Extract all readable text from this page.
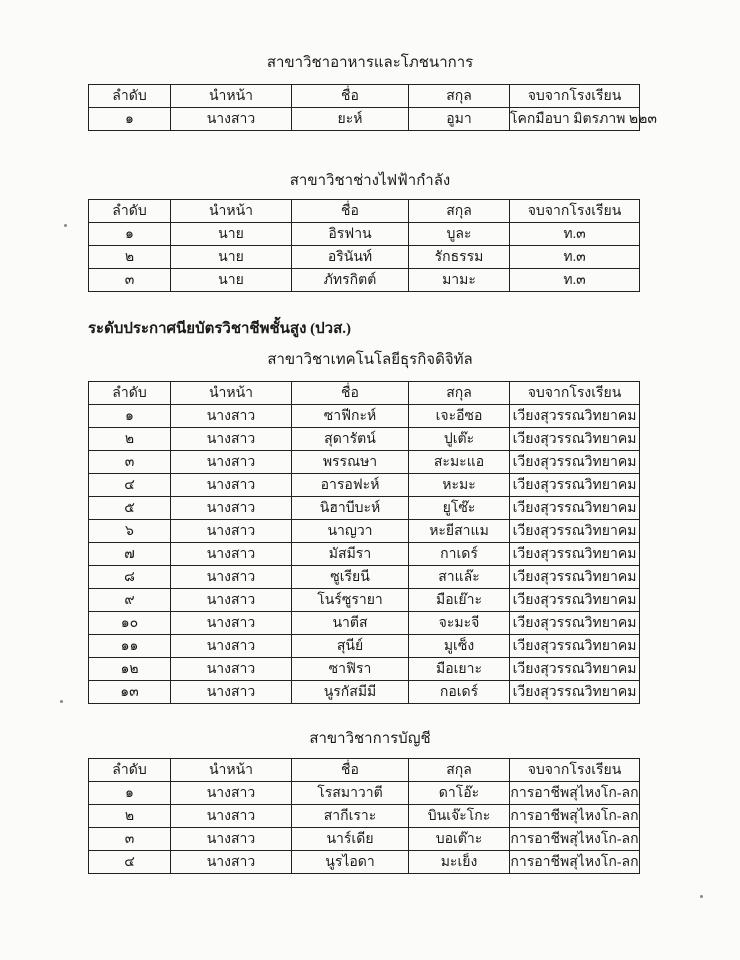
สาขาวิชาอาหารและโภชนาการ
ลำดับ	นำหน้า	ชื่อ	สกุล	จบจากโรงเรียน
๑	นางสาว	ยะห์	อูมา	โคกมือบา มิตรภาพ ๒๒๓
สาขาวิชาช่างไฟฟ้ากำลัง
ลำดับ	นำหน้า	ชื่อ	สกุล	จบจากโรงเรียน
๑	นาย	อิรฟาน	บูละ	ท.๓
๒	นาย	อรินันท์	รักธรรม	ท.๓
๓	นาย	ภัทรกิตต์	มามะ	ท.๓
ระดับประกาศนียบัตรวิชาชีพชั้นสูง (ปวส.)
สาขาวิชาเทคโนโลยีธุรกิจดิจิทัล
ลำดับ	นำหน้า	ชื่อ	สกุล	จบจากโรงเรียน
๑	นางสาว	ซาฟีกะห์	เจะอีซอ	เวียงสุวรรณวิทยาคม
๒	นางสาว	สุดารัตน์	ปูเต๊ะ	เวียงสุวรรณวิทยาคม
๓	นางสาว	พรรณษา	สะมะแอ	เวียงสุวรรณวิทยาคม
๔	นางสาว	อารอฟะห์	หะมะ	เวียงสุวรรณวิทยาคม
๕	นางสาว	นิฮาบีบะห์	ยูโซ๊ะ	เวียงสุวรรณวิทยาคม
๖	นางสาว	นาญวา	หะยีสาแม	เวียงสุวรรณวิทยาคม
๗	นางสาว	มัสมีรา	กาเดร์	เวียงสุวรรณวิทยาคม
๘	นางสาว	ซูเรียนี	สาแล๊ะ	เวียงสุวรรณวิทยาคม
๙	นางสาว	โนร์ซูรายา	มือเย๊าะ	เวียงสุวรรณวิทยาคม
๑๐	นางสาว	นาตีส	จะมะจี	เวียงสุวรรณวิทยาคม
๑๑	นางสาว	สุนีย์	มูเซ็ง	เวียงสุวรรณวิทยาคม
๑๒	นางสาว	ซาฟิรา	มือเยาะ	เวียงสุวรรณวิทยาคม
๑๓	นางสาว	นูรกัสมีมี	กอเดร์	เวียงสุวรรณวิทยาคม
สาขาวิชาการบัญชี
ลำดับ	นำหน้า	ชื่อ	สกุล	จบจากโรงเรียน
๑	นางสาว	โรสมาวาตี	ดาโอ๊ะ	การอาชีพสุไหงโก-ลก
๒	นางสาว	สากีเราะ	บินเจ๊ะโกะ	การอาชีพสุไหงโก-ลก
๓	นางสาว	นาร์เดีย	บอเต๊าะ	การอาชีพสุไหงโก-ลก
๔	นางสาว	นูรไอดา	มะเย็ง	การอาชีพสุไหงโก-ลก
